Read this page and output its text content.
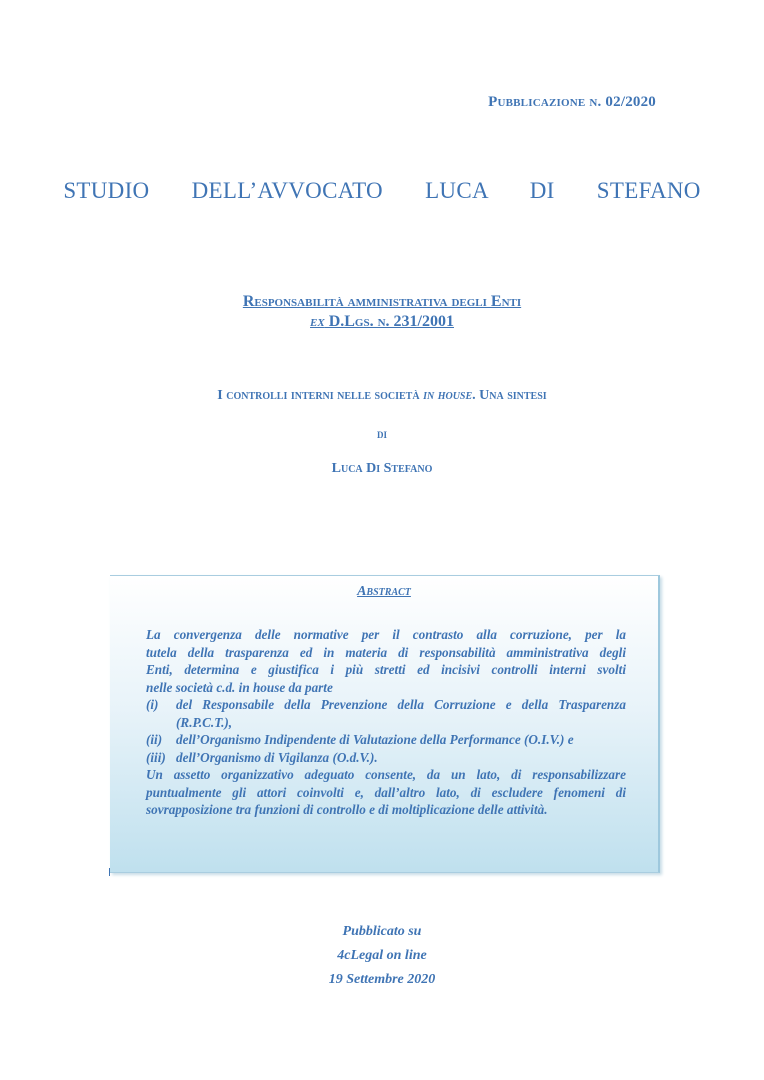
Pubblicazione n. 02/2020
STUDIO   DELL’AVVOCATO   LUCA   DI   STEFANO
Responsabilità amministrativa degli Enti
ex D.Lgs. n. 231/2001
I controlli interni nelle società in house. Una sintesi
di
Luca Di Stefano
Abstract

La convergenza delle normative per il contrasto alla corruzione, per la

tutela della trasparenza ed in materia di responsabilità amministrativa degli

Enti, determina e giustifica i più stretti ed incisivi controlli interni svolti

nelle società c.d. in house da parte

(i)	del Responsabile della Prevenzione della Corruzione e della Trasparenza (R.P.C.T.),
(ii)	dell’Organismo Indipendente di Valutazione della Performance (O.I.V.) e
(iii) dell’Organismo di Vigilanza (O.d.V.).

Un assetto organizzativo adeguato consente, da un lato, di responsabilizzare

puntualmente gli attori coinvolti e, dall’altro lato, di escludere fenomeni di

sovrapposizione tra funzioni di controllo e di moltiplicazione delle attività.

Pubblicato su
4cLegal on line
19 Settembre 2020
